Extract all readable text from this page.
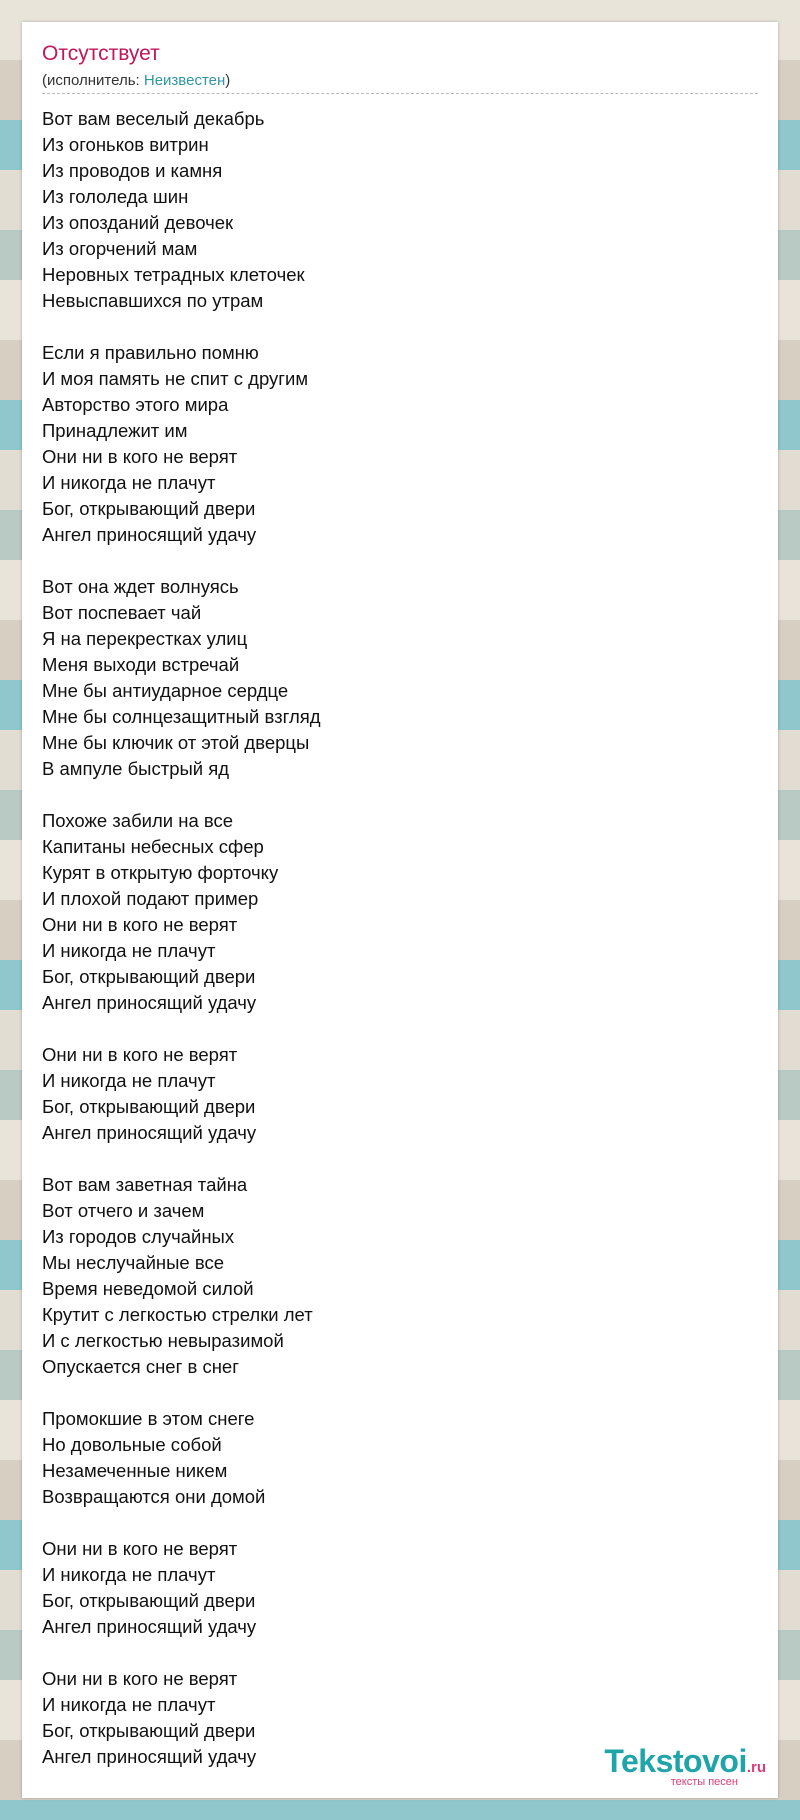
Отсутствует
(исполнитель: Неизвестен)
Вот вам веселый декабрь
Из огоньков витрин
Из проводов и камня
Из гололеда шин
Из опозданий девочек
Из огорчений мам
Неровных тетрадных клеточек
Невыспавшихся по утрам
Если я правильно помню
И моя память не спит с другим
Авторство этого мира
Принадлежит им
Они ни в кого не верят
И никогда не плачут
Бог, открывающий двери
Ангел приносящий удачу
Вот она ждет волнуясь
Вот поспевает чай
Я на перекрестках улиц
Меня выходи встречай
Мне бы антиударное сердце
Мне бы солнцезащитный взгляд
Мне бы ключик от этой дверцы
В ампуле быстрый яд
Похоже забили на все
Капитаны небесных сфер
Курят в открытую форточку
И плохой подают пример
Они ни в кого не верят
И никогда не плачут
Бог, открывающий двери
Ангел приносящий удачу
Они ни в кого не верят
И никогда не плачут
Бог, открывающий двери
Ангел приносящий удачу
Вот вам заветная тайна
Вот отчего и зачем
Из городов случайных
Мы неслучайные все
Время неведомой силой
Крутит с легкостью стрелки лет
И с легкостью невыразимой
Опускается снег в снег
Промокшие в этом снеге
Но довольные собой
Незамеченные никем
Возвращаются они домой
Они ни в кого не верят
И никогда не плачут
Бог, открывающий двери
Ангел приносящий удачу
Они ни в кого не верят
И никогда не плачут
Бог, открывающий двери
Ангел приносящий удачу	Tekstovoi.ru
тексты песен
